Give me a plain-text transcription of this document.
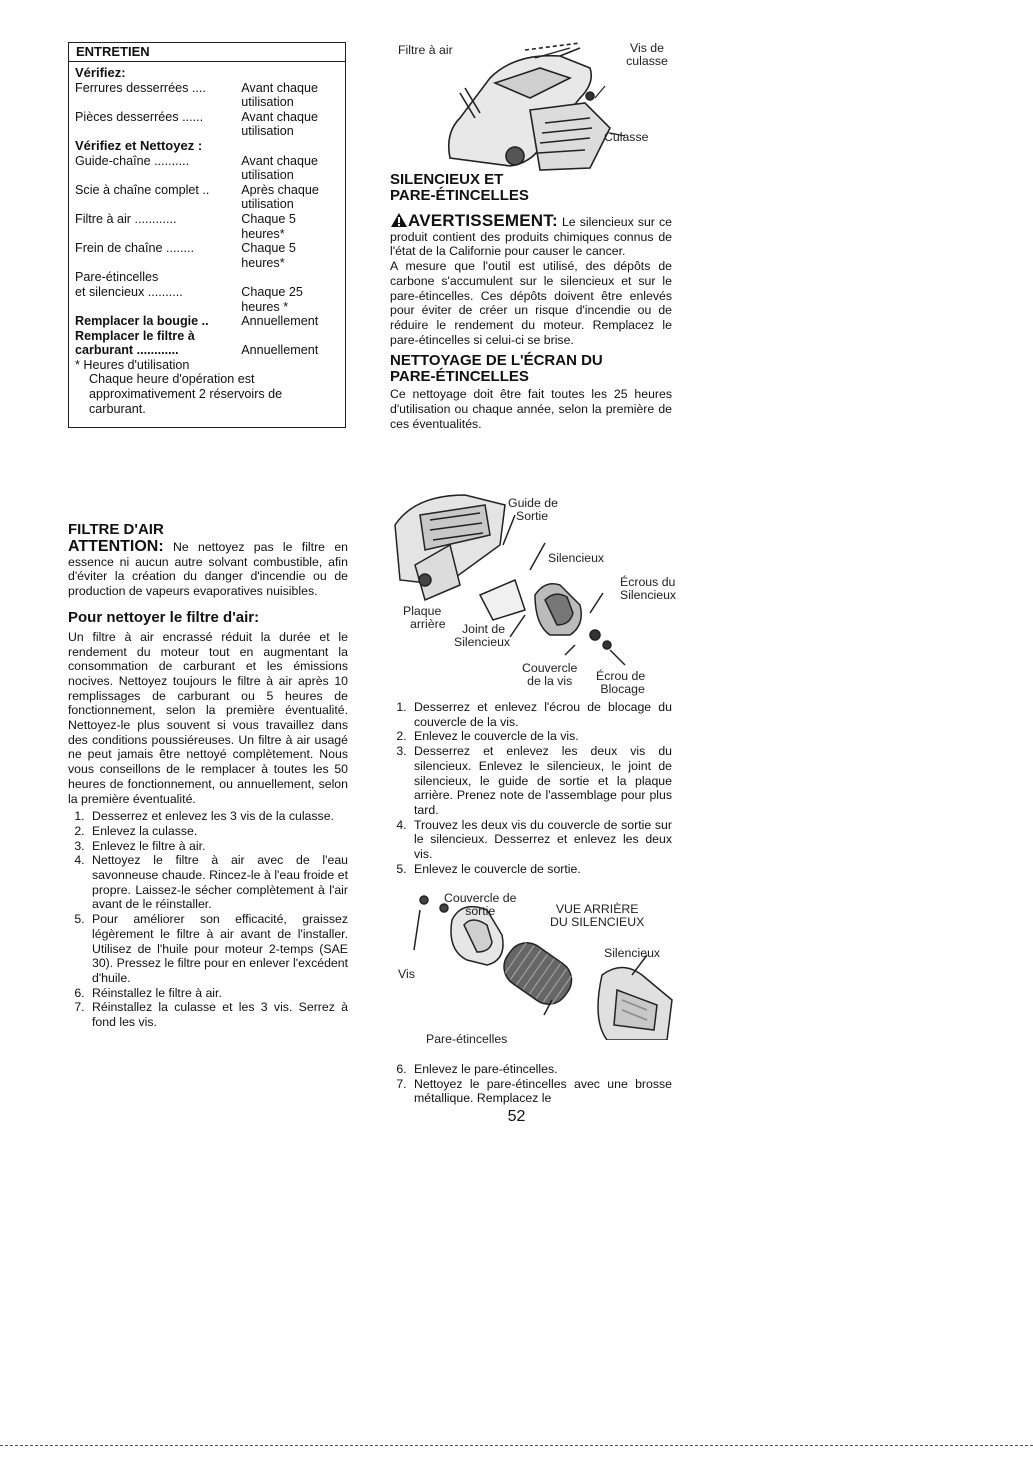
ENTRETIEN
Vérifiez:
Ferrures desserrées ....	Avant chaque utilisation
Pièces desserrées ......	Avant chaque utilisation
Vérifiez et Nettoyez :
Guide-chaîne ..........	Avant chaque utilisation
Scie à chaîne complet ..	Après chaque utilisation
Filtre à air ............	Chaque 5 heures*
Frein de chaîne ........	Chaque 5 heures*
Pare-étincelles
et silencieux ..........	Chaque 25 heures *
Remplacer la bougie ..	Annuellement
Remplacer le filtre à
carburant ............	Annuellement
* Heures d'utilisation
Chaque heure d'opération est approximativement 2 réservoirs de carburant.
FILTRE D'AIR

ATTENTION: Ne nettoyez pas le filtre en essence ni aucun autre solvant combustible, afin d'éviter la création du danger d'incendie ou de production de vapeurs evaporatives nuisibles.

Pour nettoyer le filtre d'air:

Un filtre à air encrassé réduit la durée et le rendement du moteur tout en augmentant la consommation de carburant et les émissions nocives. Nettoyez toujours le filtre à air après 10 remplissages de carburant ou 5 heures de fonctionnement, selon la première éventualité. Nettoyez-le plus souvent si vous travaillez dans des conditions poussiéreuses. Un filtre à air usagé ne peut jamais être nettoyé complètement. Nous vous conseillons de le remplacer à toutes les 50 heures de fonctionnement, ou annuellement, selon la première éventualité.

1. Desserrez et enlevez les 3 vis de la culasse.
2. Enlevez la culasse.
3. Enlevez le filtre à air.
4. Nettoyez le filtre à air avec de l'eau savonneuse chaude. Rincez-le à l'eau froide et propre. Laissez-le sécher complètement à l'air avant de le réinstaller.
5. Pour améliorer son efficacité, graissez légèrement le filtre à air avant de l'installer. Utilisez de l'huile pour moteur 2-temps (SAE 30). Pressez le filtre pour en enlever l'excédent d'huile.
6. Réinstallez le filtre à air.
7. Réinstallez la culasse et les 3 vis. Serrez à fond les vis.
Filtre à air	Vis de culasse
Culasse
SILENCIEUX ET
PARE-ÉTINCELLES

AVERTISSEMENT: Le silencieux sur ce produit contient des produits chimiques connus de l'état de la Californie pour causer le cancer.

A mesure que l'outil est utilisé, des dépôts de carbone s'accumulent sur le silencieux et sur le pare-étincelles. Ces dépôts doivent être enlevés pour éviter de créer un risque d'incendie ou de réduire le rendement du moteur. Remplacez le pare-étincelles si celui-ci se brise.

NETTOYAGE DE L'ÉCRAN DU
PARE-ÉTINCELLES

Ce nettoyage doit être fait toutes les 25 heures d'utilisation ou chaque année, selon la première de ces éventualités.

Guide de
Sortie
Silencieux
Écrous du
Silencieux
Plaque
arrière	Joint de
Silencieux
Couvercle
de la vis	Écrou de
Blocage
1. Desserrez et enlevez l'écrou de blocage du couvercle de la vis.
2. Enlevez le couvercle de la vis.
3. Desserrez et enlevez les deux vis du silencieux. Enlevez le silencieux, le joint de silencieux, le guide de sortie et la plaque arrière. Prenez note de l'assemblage pour plus tard.
4. Trouvez les deux vis du couvercle de sortie sur le silencieux. Desserrez et enlevez les deux vis.
5. Enlevez le couvercle de sortie.
Couvercle de
sortie	VUE ARRIÈRE
DU SILENCIEUX
Silencieux
Vis
Pare-étincelles
6. Enlevez le pare-étincelles.
7. Nettoyez le pare-étincelles avec une brosse métallique. Remplacez le
52
